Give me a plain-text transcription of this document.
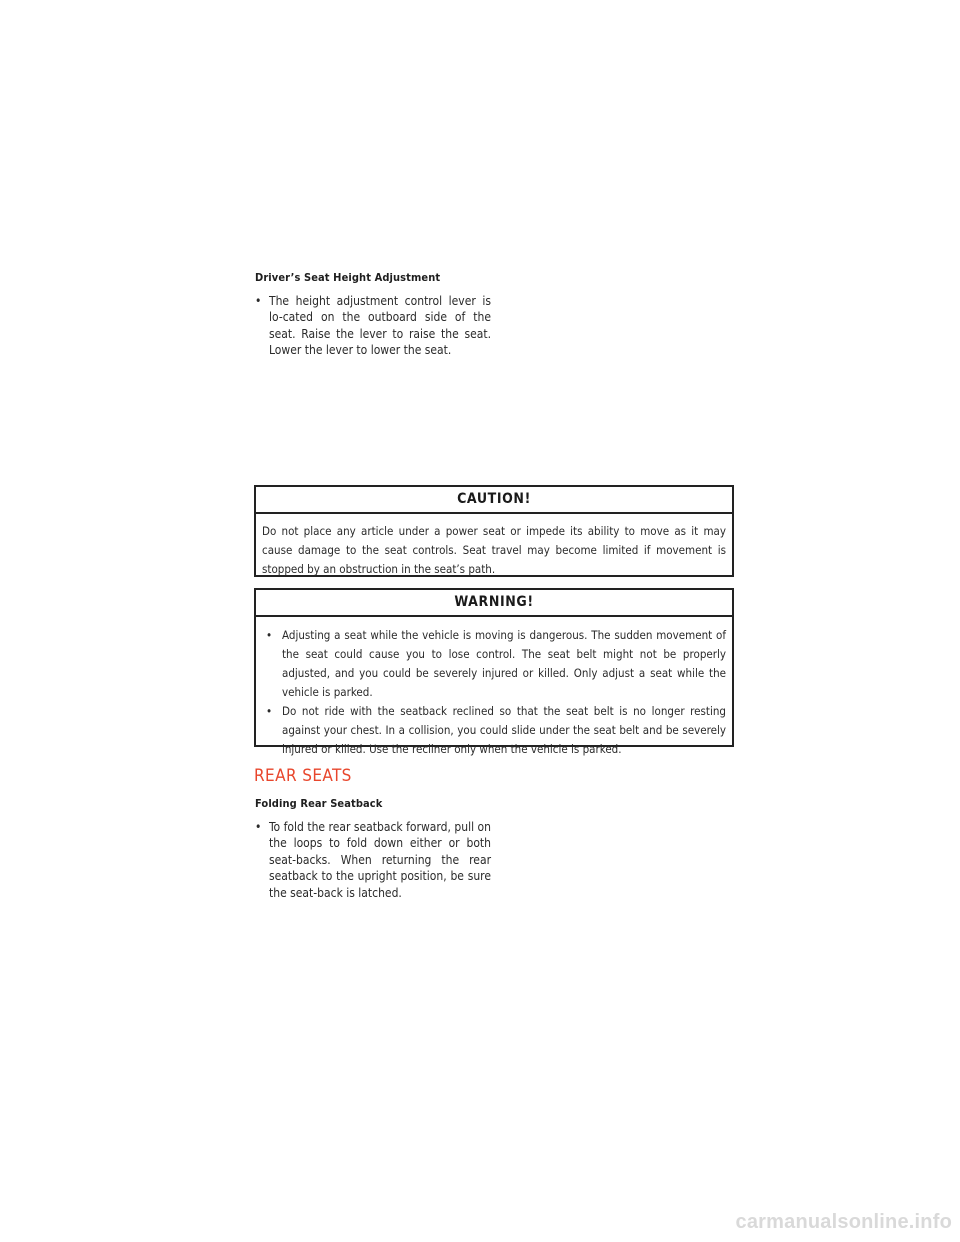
Driver’s Seat Height Adjustment
• The height adjustment control lever is lo-cated on the outboard side of the seat. Raise the lever to raise the seat. Lower the lever to lower the seat.
CAUTION!
Do not place any article under a power seat or impede its ability to move as it may cause damage to the seat controls. Seat travel may become limited if movement is stopped by an obstruction in the seat’s path.
WARNING!
• Adjusting a seat while the vehicle is moving is dangerous. The sudden movement of the seat could cause you to lose control. The seat belt might not be properly adjusted, and you could be severely injured or killed. Only adjust a seat while the vehicle is parked.
• Do not ride with the seatback reclined so that the seat belt is no longer resting against your chest. In a collision, you could slide under the seat belt and be severely injured or killed. Use the recliner only when the vehicle is parked.
REAR SEATS
Folding Rear Seatback
• To fold the rear seatback forward, pull on the loops to fold down either or both seat-backs. When returning the rear seatback to the upright position, be sure the seat-back is latched.
carmanualsonline.info
